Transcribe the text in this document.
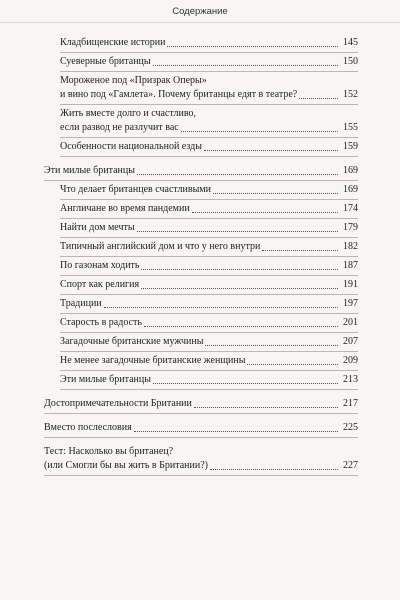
Содержание
Кладбищенские истории	145
Суеверные британцы	150
Мороженое под «Призрак Оперы»
и вино под «Гамлета». Почему британцы едят в театре?	152
Жить вместе долго и счастливо,
если развод не разлучит вас	155
Особенности национальной езды	159
Эти милые британцы	169
Что делает британцев счастливыми	169
Англичане во время пандемии	174
Найти дом мечты	179
Типичный английский дом и что у него внутри	182
По газонам ходить	187
Спорт как религия	191
Традиции	197
Старость в радость	201
Загадочные британские мужчины	207
Не менее загадочные британские женщины	209
Эти милые британцы	213
Достопримечательности Британии	217
Вместо послесловия	225
Тест: Насколько вы британец?
(или Смогли бы вы жить в Британии?)	227
